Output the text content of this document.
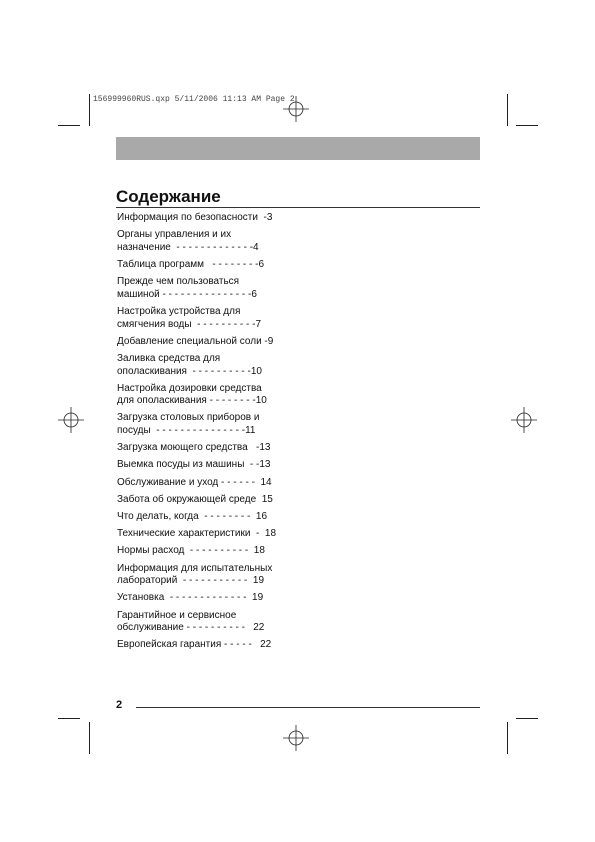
156999960RUS.qxp 5/11/2006 11:13 AM Page 2
Содержание
Информация по безопасности  -3
Органы управления и их
назначение  - - - - - - - - - - - - -4
Таблица программ   - - - - - - - -6
Прежде чем пользоваться
машиной - - - - - - - - - - - - - - -6
Настройка устройства для
смягчения воды  - - - - - - - - - -7
Добавление специальной соли -9
Заливка средства для
ополаскивания  - - - - - - - - - -10
Настройка дозировки средства
для ополаскивания - - - - - - - -10
Загрузка столовых приборов и
посуды  - - - - - - - - - - - - - - -11
Загрузка моющего средства   -13
Выемка посуды из машины  - -13
Обслуживание и уход - - - - - -  14
Забота об окружающей среде  15
Что делать, когда  - - - - - - - -  16
Технические характеристики  -  18
Нормы расход  - - - - - - - - - -  18
Информация для испытательных
лабораторий  - - - - - - - - - - -  19
Установка  - - - - - - - - - - - - -  19
Гарантийное и сервисное
обслуживание - - - - - - - - - -   22
Европейская гарантия - - - - -   22
2
